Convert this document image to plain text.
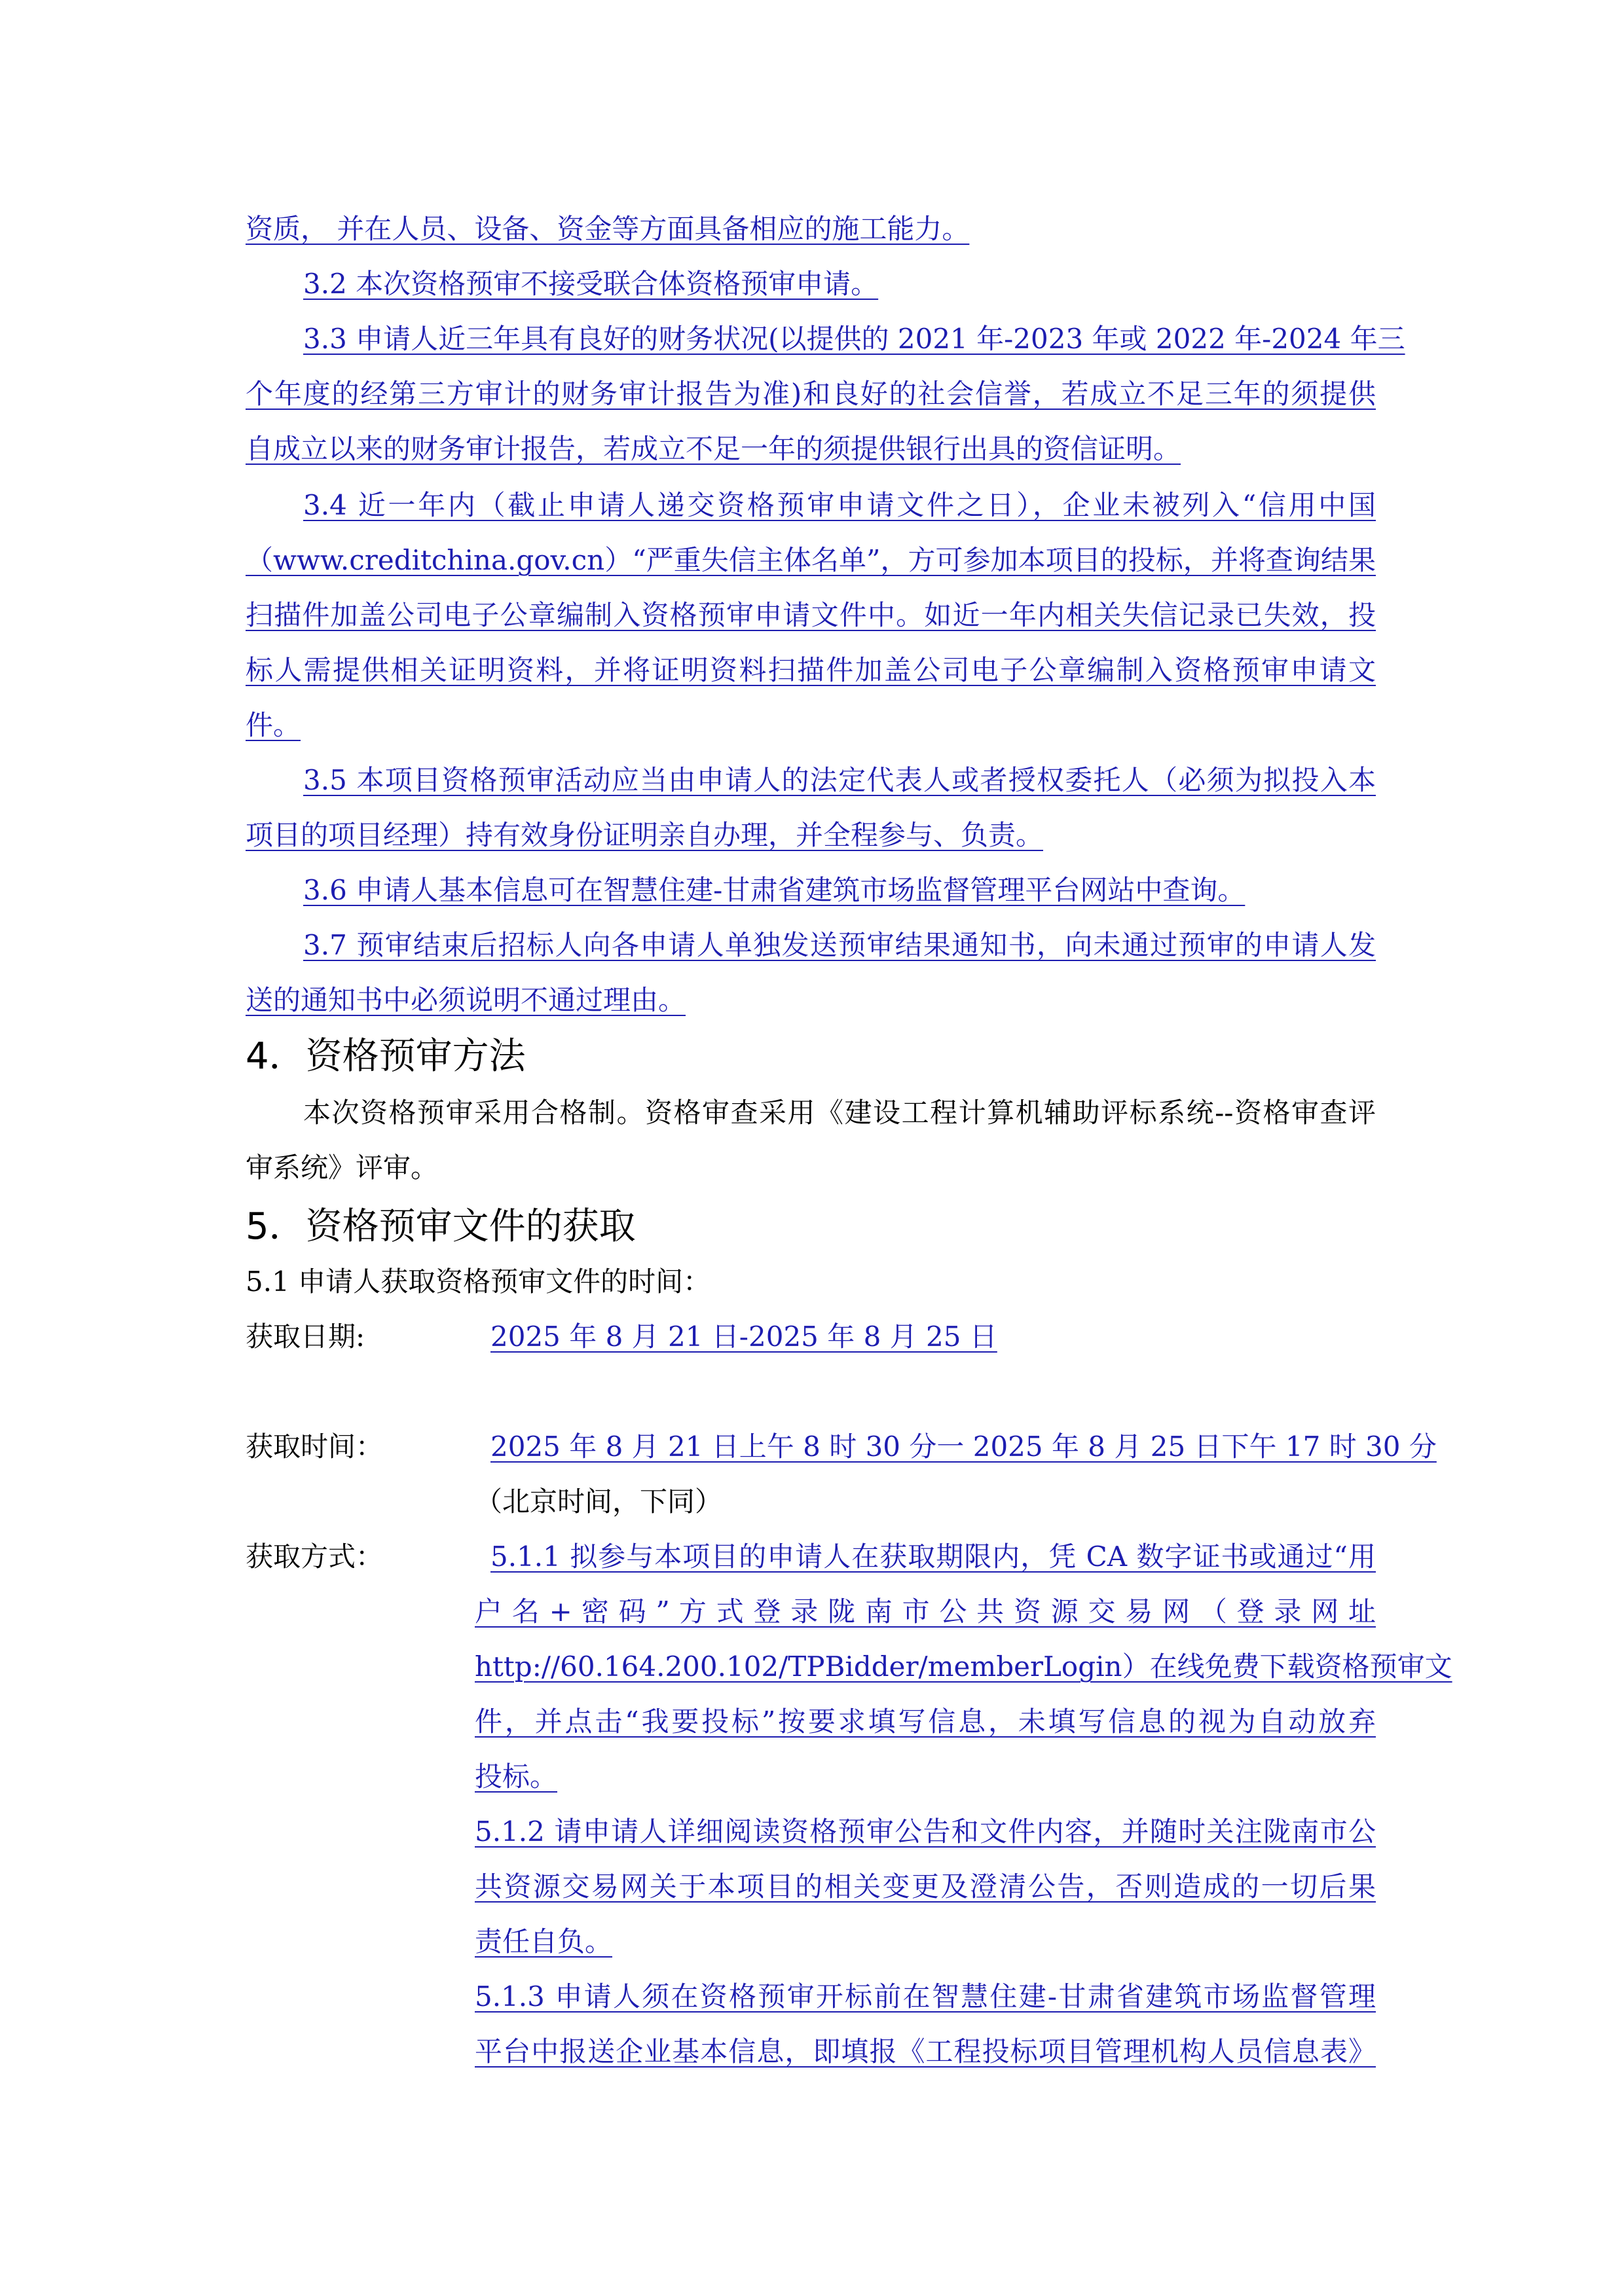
资质， 并在人员、设备、资金等方面具备相应的施工能力。
3.2 本次资格预审不接受联合体资格预审申请。
3.3 申请人近三年具有良好的财务状况(以提供的 2021 年-2023 年或 2022 年-2024 年三
个年度的经第三方审计的财务审计报告为准)和良好的社会信誉，若成立不足三年的须提供
自成立以来的财务审计报告，若成立不足一年的须提供银行出具的资信证明。
3.4 近一年内（截止申请人递交资格预审申请文件之日），企业未被列入“信用中国
（www.creditchina.gov.cn）“严重失信主体名单”，方可参加本项目的投标，并将查询结果
扫描件加盖公司电子公章编制入资格预审申请文件中。如近一年内相关失信记录已失效，投
标人需提供相关证明资料，并将证明资料扫描件加盖公司电子公章编制入资格预审申请文
件。
3.5 本项目资格预审活动应当由申请人的法定代表人或者授权委托人（必须为拟投入本
项目的项目经理）持有效身份证明亲自办理，并全程参与、负责。
3.6 申请人基本信息可在智慧住建-甘肃省建筑市场监督管理平台网站中查询。
3.7 预审结束后招标人向各申请人单独发送预审结果通知书，向未通过预审的申请人发
送的通知书中必须说明不通过理由。
4．资格预审方法
本次资格预审采用合格制。资格审查采用《建设工程计算机辅助评标系统--资格审查评
审系统》评审。
5．资格预审文件的获取
5.1 申请人获取资格预审文件的时间：
获取日期:	2025 年 8 月 21 日-2025 年 8 月 25 日
获取时间：	2025 年 8 月 21 日上午 8 时 30 分一 2025 年 8 月 25 日下午 17 时 30 分
（北京时间，下同）
获取方式：	5.1.1 拟参与本项目的申请人在获取期限内，凭 CA 数字证书或通过“用
户 名 + 密 码 ” 方 式 登 录 陇 南 市 公 共 资 源 交 易 网 （ 登 录 网 址
http://60.164.200.102/TPBidder/memberLogin）在线免费下载资格预审文
件，并点击“我要投标”按要求填写信息，未填写信息的视为自动放弃
投标。
5.1.2 请申请人详细阅读资格预审公告和文件内容，并随时关注陇南市公
共资源交易网关于本项目的相关变更及澄清公告，否则造成的一切后果
责任自负。
5.1.3 申请人须在资格预审开标前在智慧住建-甘肃省建筑市场监督管理
平台中报送企业基本信息，即填报《工程投标项目管理机构人员信息表》
